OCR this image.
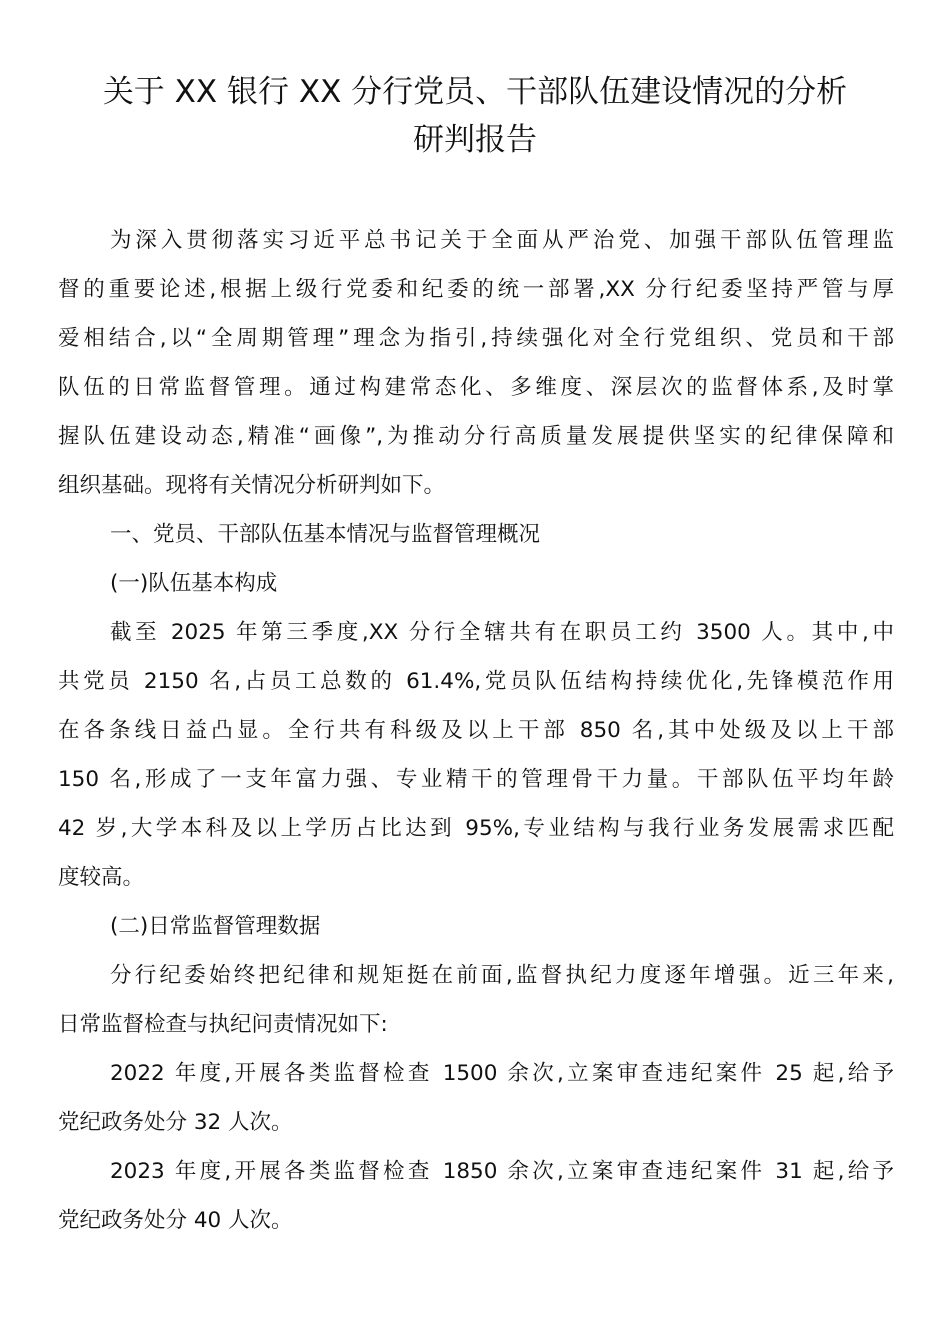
关于 XX 银行 XX 分行党员、干部队伍建设情况的分析
研判报告
为深入贯彻落实习近平总书记关于全面从严治党、加强干部队伍管理监
督的重要论述,根据上级行党委和纪委的统一部署,XX 分行纪委坚持严管与厚
爱相结合,以“全周期管理”理念为指引,持续强化对全行党组织、党员和干部
队伍的日常监督管理。通过构建常态化、多维度、深层次的监督体系,及时掌
握队伍建设动态,精准“画像”,为推动分行高质量发展提供坚实的纪律保障和
组织基础。现将有关情况分析研判如下。
一、党员、干部队伍基本情况与监督管理概况
(一)队伍基本构成
截至 2025 年第三季度,XX 分行全辖共有在职员工约 3500 人。其中,中
共党员 2150 名,占员工总数的 61.4%,党员队伍结构持续优化,先锋模范作用
在各条线日益凸显。全行共有科级及以上干部 850 名,其中处级及以上干部
150 名,形成了一支年富力强、专业精干的管理骨干力量。干部队伍平均年龄
42 岁,大学本科及以上学历占比达到 95%,专业结构与我行业务发展需求匹配
度较高。
(二)日常监督管理数据
分行纪委始终把纪律和规矩挺在前面,监督执纪力度逐年增强。近三年来,
日常监督检查与执纪问责情况如下:
2022 年度,开展各类监督检查 1500 余次,立案审查违纪案件 25 起,给予
党纪政务处分 32 人次。
2023 年度,开展各类监督检查 1850 余次,立案审查违纪案件 31 起,给予
党纪政务处分 40 人次。
